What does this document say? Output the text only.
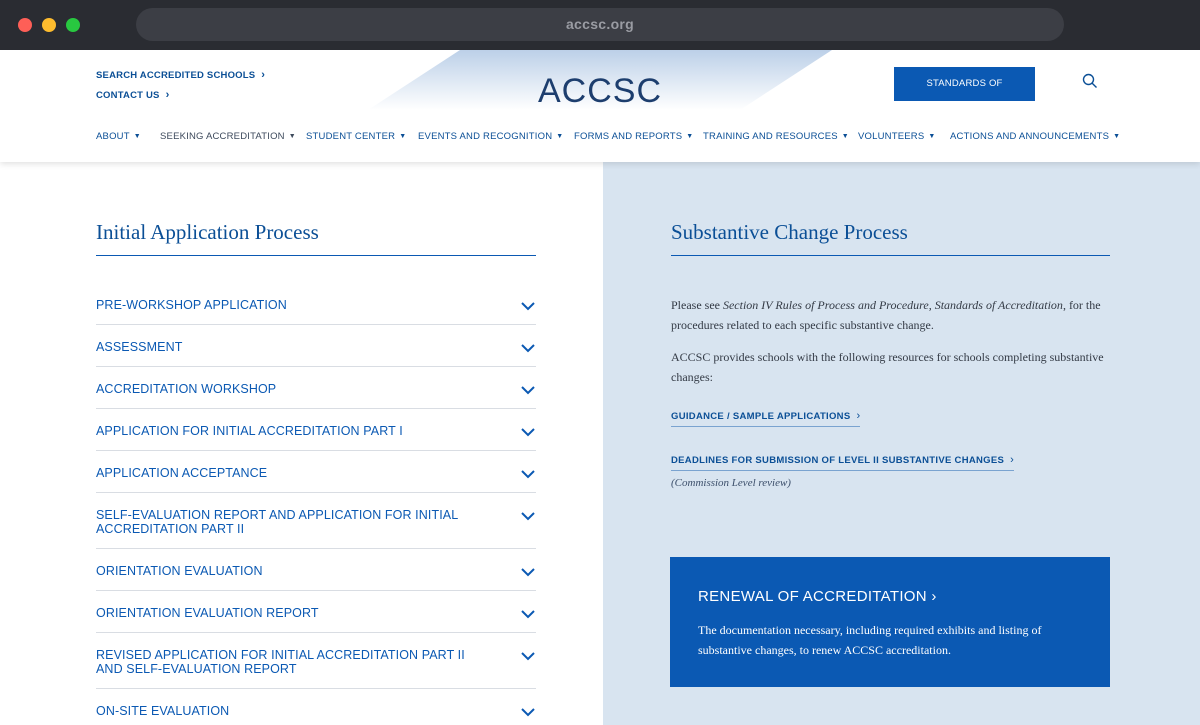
accsc.org
SEARCH ACCREDITED SCHOOLS ›
CONTACT US ›	ACCSC	STANDARDS OF ACCREDITATION
ABOUT ▼ SEEKING ACCREDITATION ▼ STUDENT CENTER ▼ EVENTS AND RECOGNITION ▼ FORMS AND REPORTS ▼ TRAINING AND RESOURCES ▼ VOLUNTEERS ▼ ACTIONS AND ANNOUNCEMENTS ▼
Initial Application Process
PRE-WORKSHOP APPLICATION
ASSESSMENT
ACCREDITATION WORKSHOP
APPLICATION FOR INITIAL ACCREDITATION PART I
APPLICATION ACCEPTANCE
SELF-EVALUATION REPORT AND APPLICATION FOR INITIAL ACCREDITATION PART II
ORIENTATION EVALUATION
ORIENTATION EVALUATION REPORT
REVISED APPLICATION FOR INITIAL ACCREDITATION PART II AND SELF-EVALUATION REPORT
ON-SITE EVALUATION
Substantive Change Process
Please see Section IV Rules of Process and Procedure, Standards of Accreditation, for the procedures related to each specific substantive change.
ACCSC provides schools with the following resources for schools completing substantive changes:
GUIDANCE / SAMPLE APPLICATIONS ›
DEADLINES FOR SUBMISSION OF LEVEL II SUBSTANTIVE CHANGES ›
(Commission Level review)
RENEWAL OF ACCREDITATION ›
The documentation necessary, including required exhibits and listing of substantive changes, to renew ACCSC accreditation.
